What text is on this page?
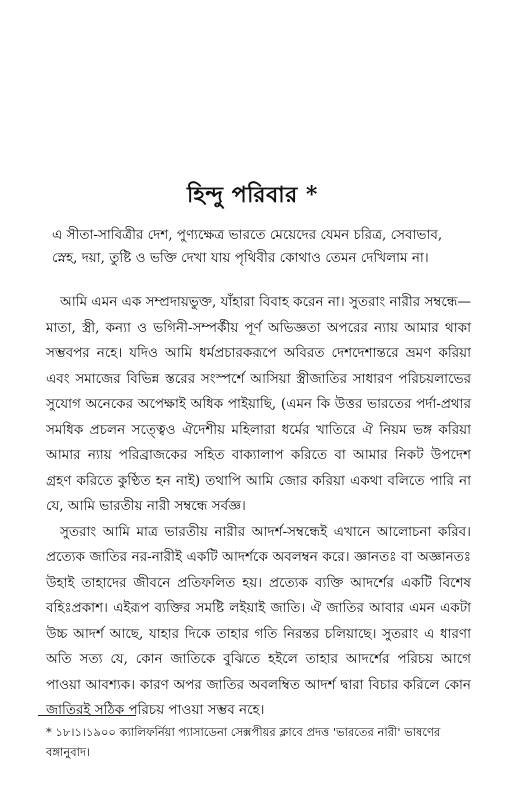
হিন্দু পরিবার *
এ সীতা-সাবিত্রীর দেশ, পুণ্যক্ষেত্র ভারতে মেয়েদের যেমন চরিত্র, সেবাভাব, স্নেহ, দয়া, তুষ্টি ও ভক্তি দেখা যায় পৃথিবীর কোথাও তেমন দেখিলাম না।

আমি এমন এক সম্প্রদায়ভুক্ত, যাঁহারা বিবাহ করেন না। সুতরাং নারীর সম্বন্ধে—মাতা, স্ত্রী, কন্যা ও ভগিনী-সম্পর্কীয় পূর্ণ অভিজ্ঞতা অপরের ন্যায় আমার থাকা সম্ভবপর নহে। যদিও আমি ধর্মপ্রচারকরূপে অবিরত দেশদেশান্তরে ভ্রমণ করিয়া এবং সমাজের বিভিন্ন স্তরের সংস্পর্শে আসিয়া স্ত্রীজাতির সাধারণ পরিচয়লাভের সুযোগ অনেকের অপেক্ষাই অধিক পাইয়াছি, (এমন কি উত্তর ভারতের পর্দা-প্রথার সমধিক প্রচলন সত্ত্বেও ঐদেশীয় মহিলারা ধর্মের খাতিরে ঐ নিয়ম ভঙ্গ করিয়া আমার ন্যায় পরিব্রাজকের সহিত বাক্যালাপ করিতে বা আমার নিকট উপদেশ গ্রহণ করিতে কুণ্ঠিত হন নাই) তথাপি আমি জোর করিয়া একথা বলিতে পারি না যে, আমি ভারতীয় নারী সম্বন্ধে সর্বজ্ঞ।

সুতরাং আমি মাত্র ভারতীয় নারীর আদর্শ-সম্বন্ধেই এখানে আলোচনা করিব। প্রত্যেক জাতির নর-নারীই একটি আদর্শকে অবলম্বন করে। জ্ঞানতঃ বা অজ্ঞানতঃ উহাই তাহাদের জীবনে প্রতিফলিত হয়। প্রত্যেক ব্যক্তি আদর্শের একটি বিশেষ বহিঃপ্রকাশ। এইরূপ ব্যক্তির সমষ্টি লইয়াই জাতি। ঐ জাতির আবার এমন একটা উচ্চ আদর্শ আছে, যাহার দিকে তাহার গতি নিরন্তর চলিয়াছে। সুতরাং এ ধারণা অতি সত্য যে, কোন জাতিকে বুঝিতে হইলে তাহার আদর্শের পরিচয় আগে পাওয়া আবশ্যক। কারণ অপর জাতির অবলম্বিত আদর্শ দ্বারা বিচার করিলে কোন জাতিরই সঠিক পরিচয় পাওয়া সম্ভব নহে।

* ১৮।১।১৯০০ ক্যালিফর্নিয়া প্যাসাডেনা সেক্সপীয়র ক্লাবে প্রদত্ত 'ভারতের নারী' ভাষণের বঙ্গানুবাদ।
